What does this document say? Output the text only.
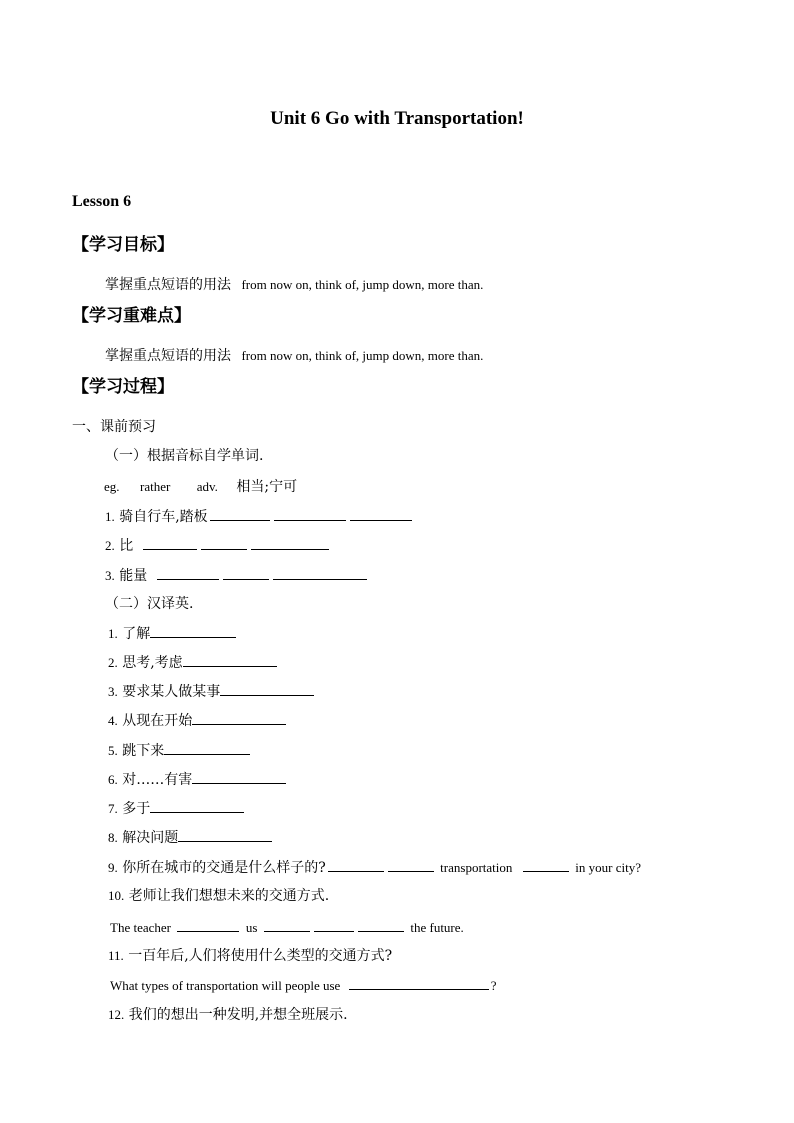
Unit 6 Go with Transportation!
Lesson 6
【学习目标】
掌握重点短语的用法 from now on, think of, jump down, more than.
【学习重难点】
掌握重点短语的用法 from now on, think of, jump down, more than.
【学习过程】
一、课前预习
（一）根据音标自学单词.
eg. rather adv. 相当;宁可
1. 骑自行车,踏板
2. 比
3. 能量
（二）汉译英.
1. 了解
2. 思考,考虑
3. 要求某人做某事
4. 从现在开始
5. 跳下来
6. 对……有害
7. 多于
8. 解决问题
9. 你所在城市的交通是什么样子的?	transportation	in your city?
10. 老师让我们想想未来的交通方式.
The teacher	us	the future.
11. 一百年后,人们将使用什么类型的交通方式?
What types of transportation will people use	?
12. 我们的想出一种发明,并想全班展示.
